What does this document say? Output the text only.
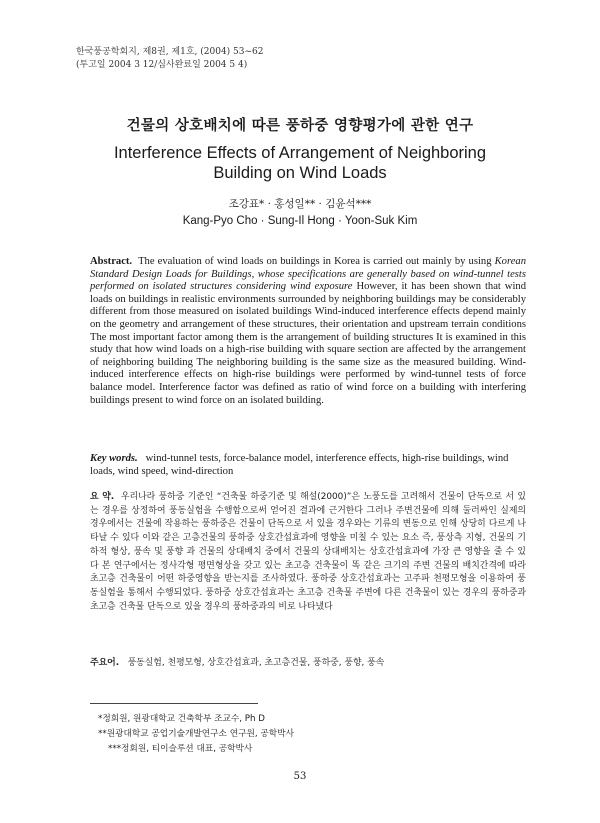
한국풍공학회지, 제8권, 제1호, (2004) 53~62
(투고일 2004 3 12/심사완료일 2004 5 4)
건물의 상호배치에 따른 풍하중 영향평가에 관한 연구
Interference Effects of Arrangement of Neighboring Building on Wind Loads
조강표* · 홍성일** · 김윤석***
Kang-Pyo Cho · Sung-Il Hong · Yoon-Suk Kim
Abstract. The evaluation of wind loads on buildings in Korea is carried out mainly by using Korean Standard Design Loads for Buildings, whose specifications are generally based on wind-tunnel tests performed on isolated structures considering wind exposure However, it has been shown that wind loads on buildings in realistic environments surrounded by neighboring buildings may be considerably different from those measured on isolated buildings Wind-induced interference effects depend mainly on the geometry and arrangement of these structures, their orientation and upstream terrain conditions The most important factor among them is the arrangement of building structures It is examined in this study that how wind loads on a high-rise building with square section are affected by the arrangement of neighboring building The neighboring building is the same size as the measured building. Wind-induced interference effects on high-rise buildings were performed by wind-tunnel tests of force balance model. Interference factor was defined as ratio of wind force on a building with interfering buildings present to wind force on an isolated building.
Key words. wind-tunnel tests, force-balance model, interference effects, high-rise buildings, wind loads, wind speed, wind-direction
요 약. 우리나라 풍하중 기준인 “건축물 하중기준 및 해설(2000)”은 노풍도를 고려해서 건물이 단독으로 서 있는 경우를 상정하여 풍동실험을 수행함으로써 얻어진 결과에 근거한다 그러나 주변건물에 의해 둘러싸인 실제의 경우에서는 건물에 작용하는 풍하중은 건물이 단독으로 서 있을 경우와는 기류의 변동으로 인해 상당히 다르게 나타날 수 있다 이와 같은 고층건물의 풍하중 상호간섭효과에 영향을 미칠 수 있는 요소 즉, 풍상측 지형, 건물의 기하적 형상, 풍속 및 풍향 과 건물의 상대배치 중에서 건물의 상대배치는 상호간섭효과에 가장 큰 영향을 줄 수 있다 본 연구에서는 정사각형 평면형상을 갖고 있는 초고층 건축물이 똑 같은 크기의 주변 건물의 배치간격에 따라 초고층 건축물이 어떤 하중영향을 받는지를 조사하였다. 풍하중 상호간섭효과는 고주파 천평모형을 이용하여 풍동실험을 통해서 수행되었다. 풍하중 상호간섭효과는 초고층 건축물 주변에 다른 건축물이 있는 경우의 풍하중과 초고층 건축물 단독으로 있을 경우의 풍하중과의 비로 나타냈다
주요어. 풍동실험, 천평모형, 상호간섭효과, 초고층건물, 풍하중, 풍향, 풍속
*정회원, 원광대학교 건축학부 조교수, Ph D
**원광대학교 공업기술개발연구소 연구원, 공학박사
***정회원, 티이슬루션 대표, 공학박사
53
